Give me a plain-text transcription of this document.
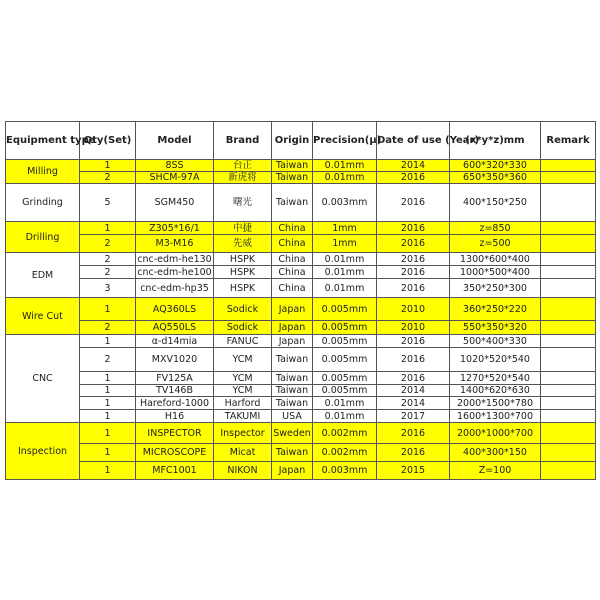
Equipment type	Qty(Set)	Model	Brand	Origin	Precision(μ)	Date of use (Year)	(x*y*z)mm	Remark
Milling	1	8SS	台正	Taiwan	0.01mm	2014	600*320*330	
	2	SHCM-97A	新虎将	Taiwan	0.01mm	2016	650*350*360	
Grinding	5	SGM450	曙光	Taiwan	0.003mm	2016	400*150*250	
Drilling	1	Z305*16/1	中捷	China	1mm	2016	z=850	
	2	M3-M16	先威	China	1mm	2016	z=500	
EDM	2	cnc-edm-he130	HSPK	China	0.01mm	2016	1300*600*400	
	2	cnc-edm-he100	HSPK	China	0.01mm	2016	1000*500*400	
	3	cnc-edm-hp35	HSPK	China	0.01mm	2016	350*250*300	
Wire Cut	1	AQ360LS	Sodick	Japan	0.005mm	2010	360*250*220	
	2	AQ550LS	Sodick	Japan	0.005mm	2010	550*350*320	
CNC	1	α-d14mia	FANUC	Japan	0.005mm	2016	500*400*330	
	2	MXV1020	YCM	Taiwan	0.005mm	2016	1020*520*540	
	1	FV125A	YCM	Taiwan	0.005mm	2016	1270*520*540	
	1	TV146B	YCM	Taiwan	0.005mm	2014	1400*620*630	
	1	Hareford-1000	Harford	Taiwan	0.01mm	2014	2000*1500*780	
	1	H16	TAKUMI	USA	0.01mm	2017	1600*1300*700	
Inspection	1	INSPECTOR	Inspector	Sweden	0.002mm	2016	2000*1000*700	
	1	MICROSCOPE	Micat	Taiwan	0.002mm	2016	400*300*150	
	1	MFC1001	NIKON	Japan	0.003mm	2015	Z=100	
